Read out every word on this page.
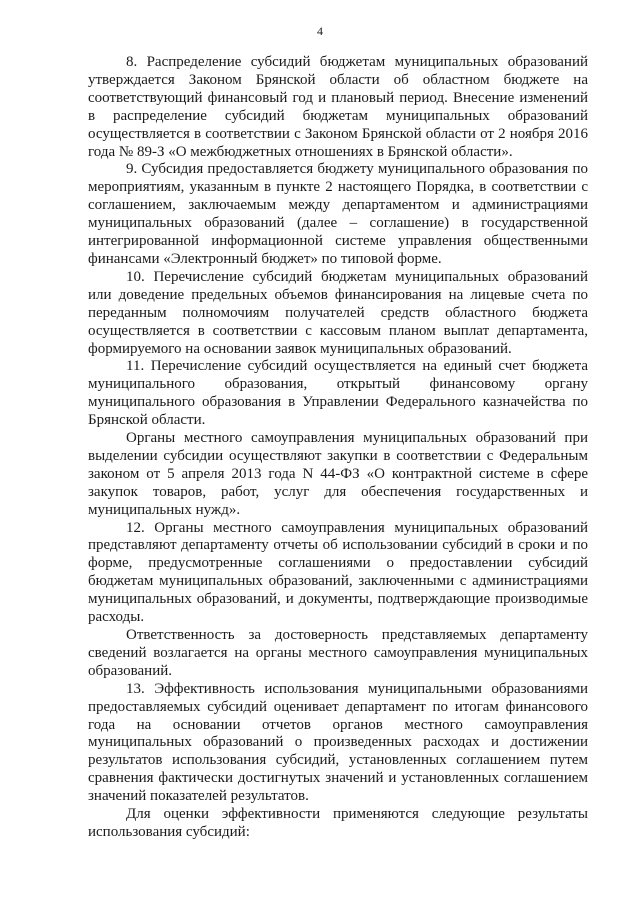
4

8. Распределение субсидий бюджетам муниципальных образований утверждается Законом Брянской области об областном бюджете на соответствующий финансовый год и плановый период. Внесение изменений в распределение субсидий бюджетам муниципальных образований осуществляется в соответствии с Законом Брянской области от 2 ноября 2016 года № 89-З «О межбюджетных отношениях в Брянской области».

9. Субсидия предоставляется бюджету муниципального образования по мероприятиям, указанным в пункте 2 настоящего Порядка, в соответствии с соглашением, заключаемым между департаментом и администрациями муниципальных образований (далее – соглашение) в государственной интегрированной информационной системе управления общественными финансами «Электронный бюджет» по типовой форме.

10. Перечисление субсидий бюджетам муниципальных образований или доведение предельных объемов финансирования на лицевые счета по переданным полномочиям получателей средств областного бюджета осуществляется в соответствии с кассовым планом выплат департамента, формируемого на основании заявок муниципальных образований.

11. Перечисление субсидий осуществляется на единый счет бюджета муниципального образования, открытый финансовому органу муниципального образования в Управлении Федерального казначейства по Брянской области.

Органы местного самоуправления муниципальных образований при выделении субсидии осуществляют закупки в соответствии с Федеральным законом от 5 апреля 2013 года N 44-ФЗ «О контрактной системе в сфере закупок товаров, работ, услуг для обеспечения государственных и муниципальных нужд».

12. Органы местного самоуправления муниципальных образований представляют департаменту отчеты об использовании субсидий в сроки и по форме, предусмотренные соглашениями о предоставлении субсидий бюджетам муниципальных образований, заключенными с администрациями муниципальных образований, и документы, подтверждающие производимые расходы.

Ответственность за достоверность представляемых департаменту сведений возлагается на органы местного самоуправления муниципальных образований.

13. Эффективность использования муниципальными образованиями предоставляемых субсидий оценивает департамент по итогам финансового года на основании отчетов органов местного самоуправления муниципальных образований о произведенных расходах и достижении результатов использования субсидий, установленных соглашением путем сравнения фактически достигнутых значений и установленных соглашением значений показателей результатов.

Для оценки эффективности применяются следующие результаты использования субсидий:
